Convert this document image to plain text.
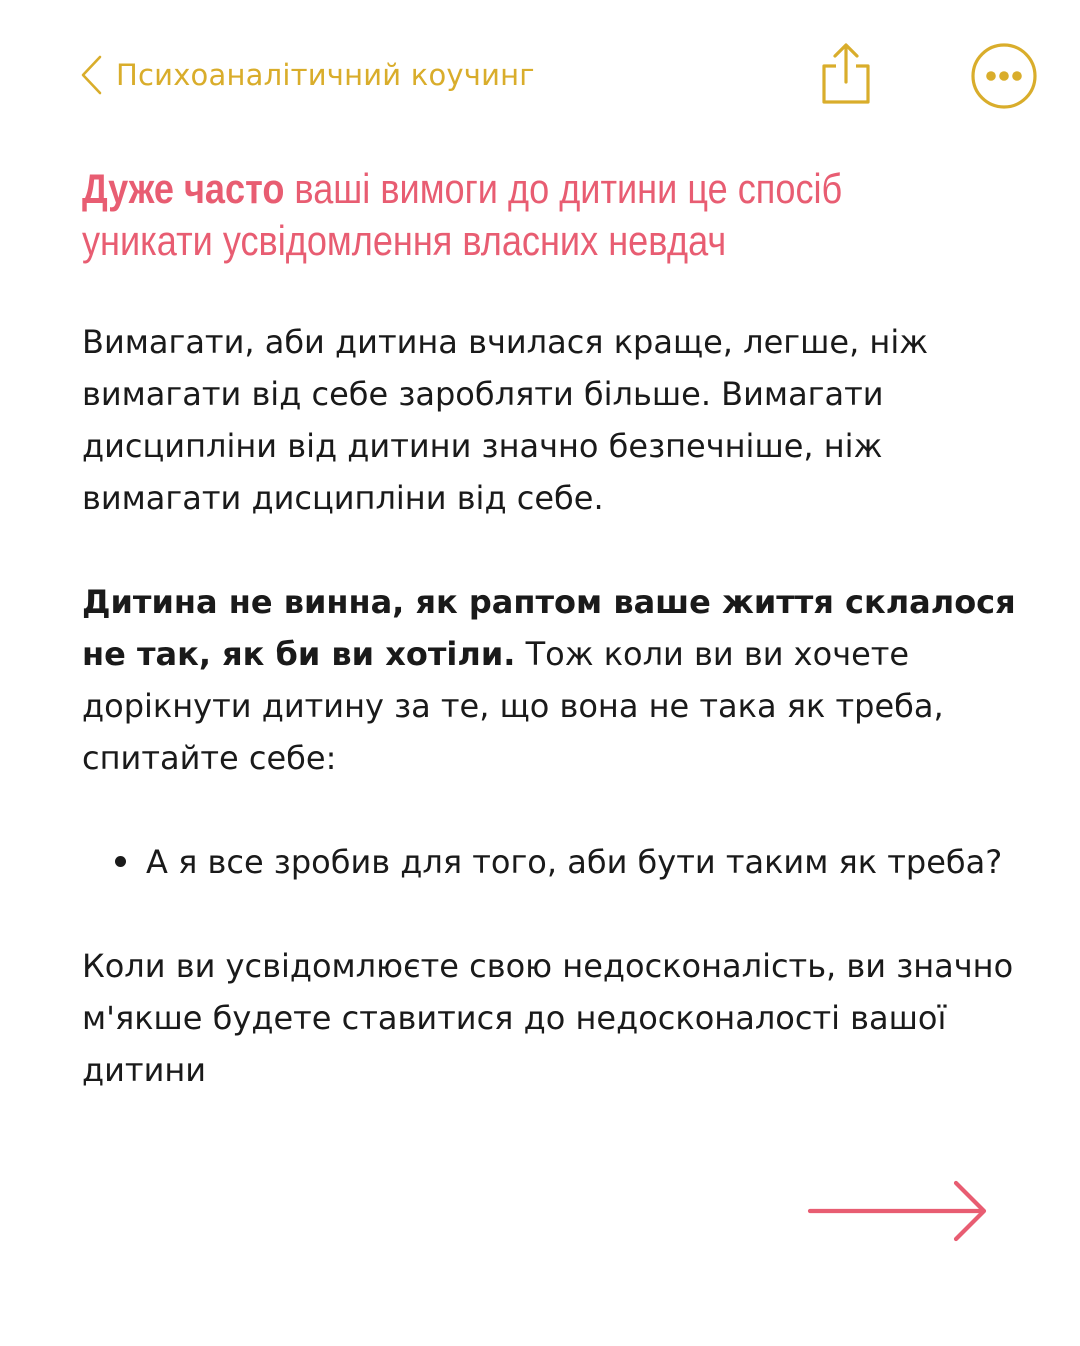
Психоаналітичний коучинг
Дуже часто ваші вимоги до дитини це спосіб
уникати усвідомлення власних невдач

Вимагати, аби дитина вчилася краще, легше, ніж вимагати від себе заробляти більше. Вимагати дисципліни від дитини значно безпечніше, ніж вимагати дисципліни від себе.

Дитина не винна, як раптом ваше життя склалося не так, як би ви хотіли. Тож коли ви ви хочете дорікнути дитину за те, що вона не така як треба, спитайте себе:

А я все зробив для того, аби бути таким як треба?

Коли ви усвідомлюєте свою недосконалість, ви значно м'якше будете ставитися до недосконалості вашої дитини
